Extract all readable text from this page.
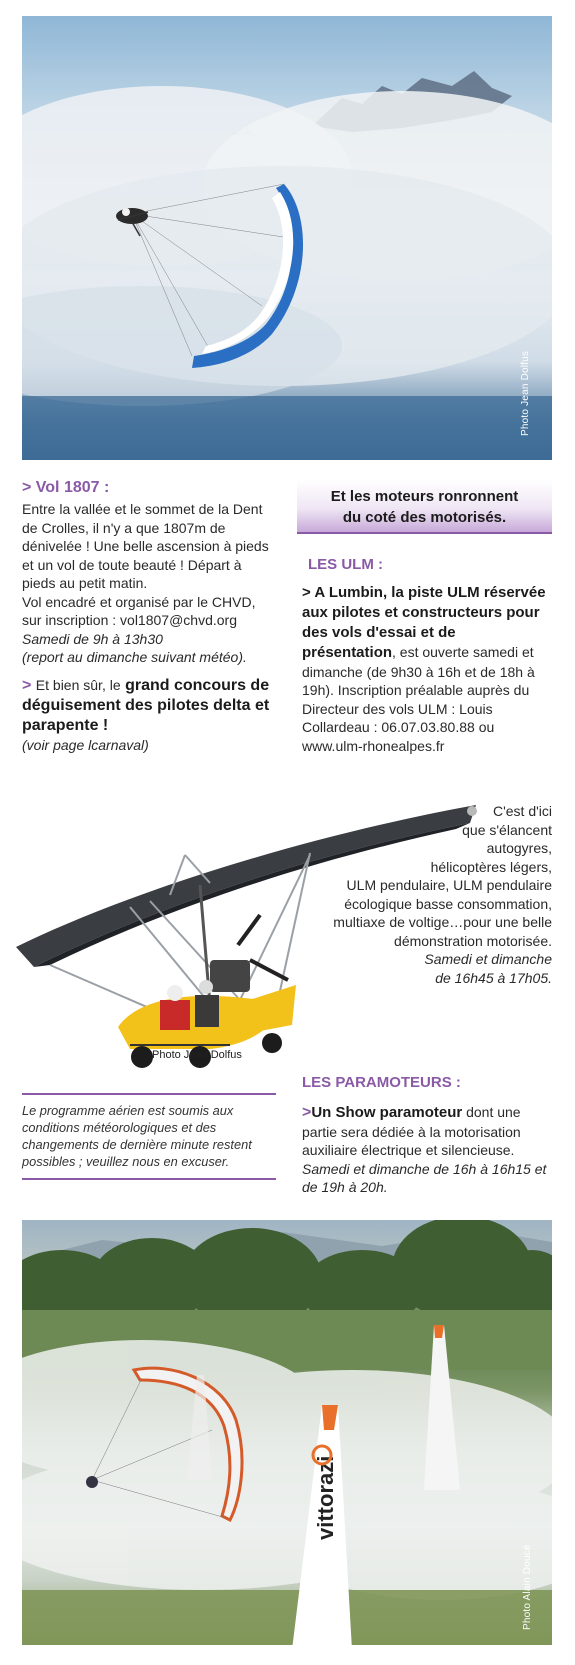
Photo Jean Dolfus

> Vol 1807 :

Entre la vallée et le sommet de la Dent de Crolles, il n'y a que 1807m de dénivelée ! Une belle ascension à pieds et un vol de toute beauté ! Départ à pieds au petit matin.

Vol encadré et organisé par le CHVD, sur inscription : vol1807@chvd.org

Samedi de 9h à 13h30

(report au dimanche suivant météo).

> Et bien sûr, le grand concours de déguisement des pilotes delta et parapente !

(voir page lcarnaval)

Et les moteurs ronronnent
du coté des motorisés.

LES ULM :

> A Lumbin, la piste ULM réservée aux pilotes et constructeurs pour des vols d'essai et de présentation, est ouverte samedi et dimanche (de 9h30 à 16h et de 18h à 19h). Inscription préalable auprès du Directeur des vols ULM : Louis Collardeau : 06.07.03.80.88 ou www.ulm-rhonealpes.fr

C'est d'ici

que s'élancent

autogyres,

hélicoptères légers,

ULM pendulaire, ULM pendulaire

écologique basse consommation,

multiaxe de voltige…pour une belle

démonstration motorisée.

Samedi et dimanche

de 16h45 à 17h05.

Photo Jean Dolfus
Le programme aérien est soumis aux conditions météorologiques et des changements de dernière minute restent possibles ; veuillez nous en excuser.

LES PARAMOTEURS :

>Un Show paramoteur dont une partie sera dédiée à la motorisation auxiliaire électrique et silencieuse.

Samedi et dimanche de 16h à 16h15 et de 19h à 20h.

vittorazi
Photo Alain Doucé
